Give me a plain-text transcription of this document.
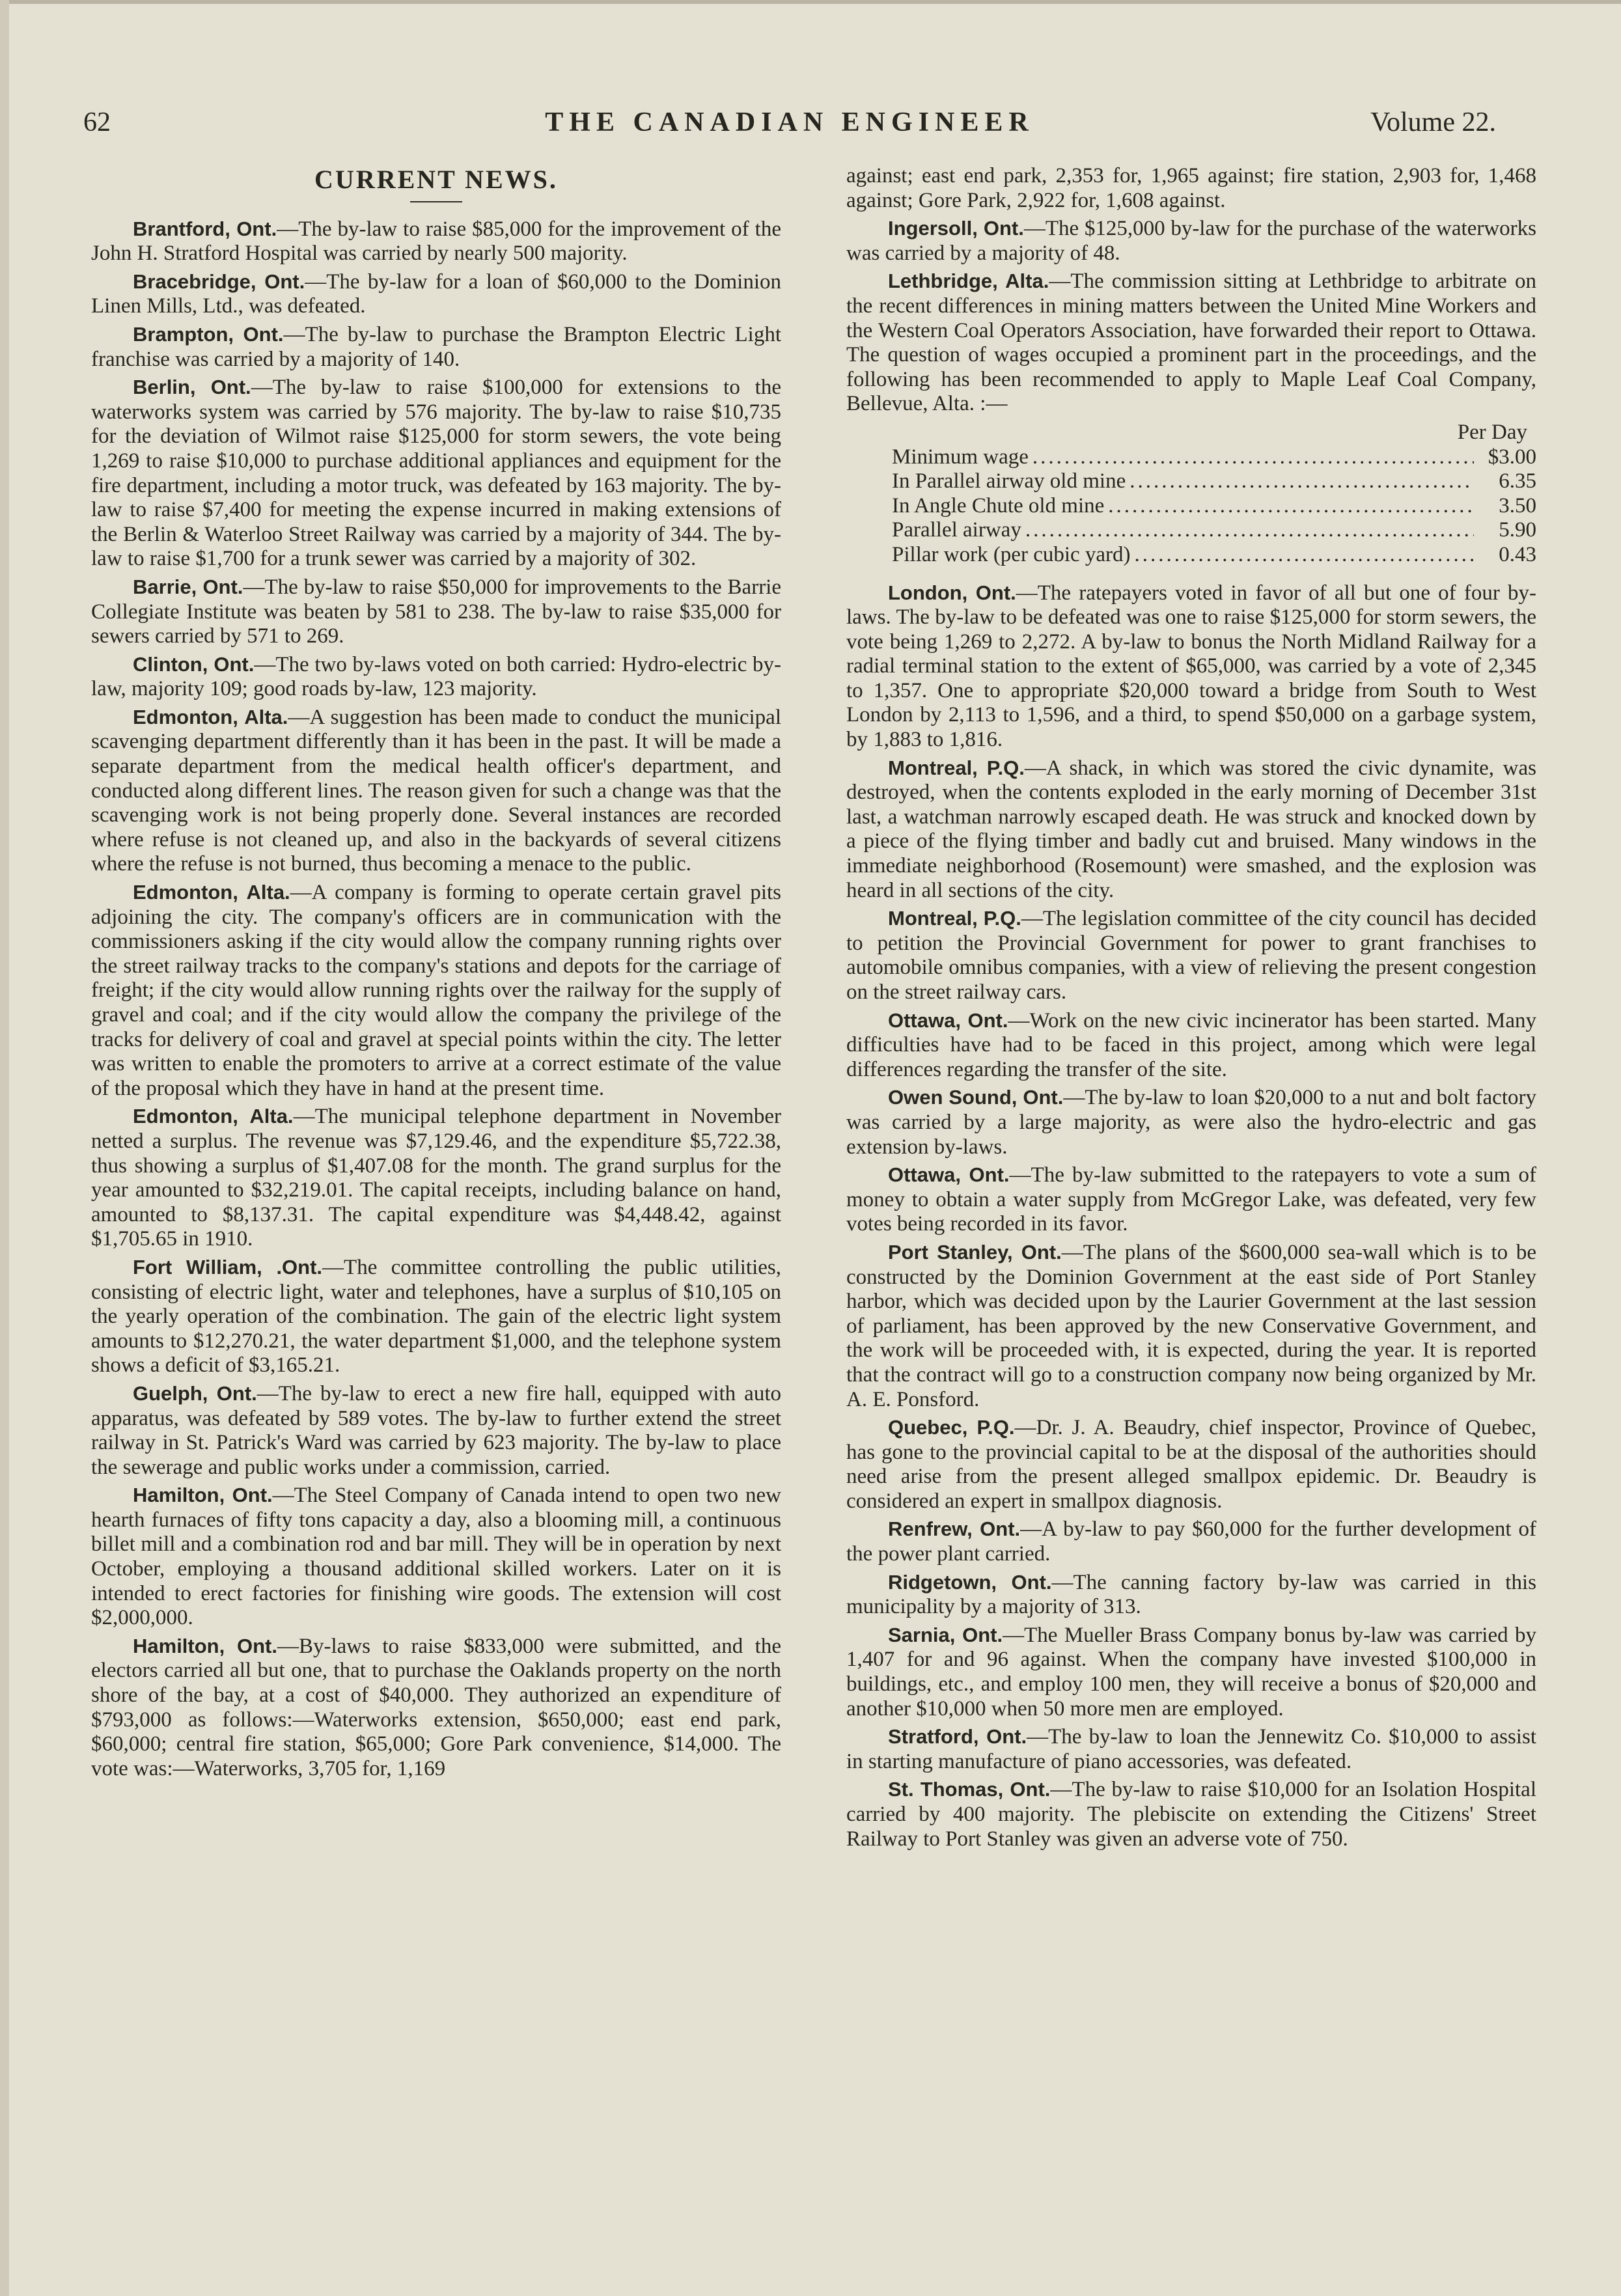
62	THE CANADIAN ENGINEER	Volume 22.
CURRENT NEWS.

Brantford, Ont.—The by-law to raise $85,000 for the improvement of the John H. Stratford Hospital was carried by nearly 500 majority.

Bracebridge, Ont.—The by-law for a loan of $60,000 to the Dominion Linen Mills, Ltd., was defeated.

Brampton, Ont.—The by-law to purchase the Brampton Electric Light franchise was carried by a majority of 140.

Berlin, Ont.—The by-law to raise $100,000 for extensions to the waterworks system was carried by 576 majority. The by-law to raise $10,735 for the deviation of Wilmot raise $125,000 for storm sewers, the vote being 1,269 to raise $10,000 to purchase additional appliances and equipment for the fire department, including a motor truck, was defeated by 163 majority. The by-law to raise $7,400 for meeting the expense incurred in making extensions of the Berlin & Waterloo Street Railway was carried by a majority of 344. The by-law to raise $1,700 for a trunk sewer was carried by a majority of 302.

Barrie, Ont.—The by-law to raise $50,000 for improvements to the Barrie Collegiate Institute was beaten by 581 to 238. The by-law to raise $35,000 for sewers carried by 571 to 269.

Clinton, Ont.—The two by-laws voted on both carried: Hydro-electric by-law, majority 109; good roads by-law, 123 majority.

Edmonton, Alta.—A suggestion has been made to conduct the municipal scavenging department differently than it has been in the past. It will be made a separate department from the medical health officer's department, and conducted along different lines. The reason given for such a change was that the scavenging work is not being properly done. Several instances are recorded where refuse is not cleaned up, and also in the backyards of several citizens where the refuse is not burned, thus becoming a menace to the public.

Edmonton, Alta.—A company is forming to operate certain gravel pits adjoining the city. The company's officers are in communication with the commissioners asking if the city would allow the company running rights over the street railway tracks to the company's stations and depots for the carriage of freight; if the city would allow running rights over the railway for the supply of gravel and coal; and if the city would allow the company the privilege of the tracks for delivery of coal and gravel at special points within the city. The letter was written to enable the promoters to arrive at a correct estimate of the value of the proposal which they have in hand at the present time.

Edmonton, Alta.—The municipal telephone department in November netted a surplus. The revenue was $7,129.46, and the expenditure $5,722.38, thus showing a surplus of $1,407.08 for the month. The grand surplus for the year amounted to $32,219.01. The capital receipts, including balance on hand, amounted to $8,137.31. The capital expenditure was $4,448.42, against $1,705.65 in 1910.

Fort William, .Ont.—The committee controlling the public utilities, consisting of electric light, water and telephones, have a surplus of $10,105 on the yearly operation of the combination. The gain of the electric light system amounts to $12,270.21, the water department $1,000, and the telephone system shows a deficit of $3,165.21.

Guelph, Ont.—The by-law to erect a new fire hall, equipped with auto apparatus, was defeated by 589 votes. The by-law to further extend the street railway in St. Patrick's Ward was carried by 623 majority. The by-law to place the sewerage and public works under a commission, carried.

Hamilton, Ont.—The Steel Company of Canada intend to open two new hearth furnaces of fifty tons capacity a day, also a blooming mill, a continuous billet mill and a combination rod and bar mill. They will be in operation by next October, employing a thousand additional skilled workers. Later on it is intended to erect factories for finishing wire goods. The extension will cost $2,000,000.

Hamilton, Ont.—By-laws to raise $833,000 were submitted, and the electors carried all but one, that to purchase the Oaklands property on the north shore of the bay, at a cost of $40,000. They authorized an expenditure of $793,000 as follows:—Waterworks extension, $650,000; east end park, $60,000; central fire station, $65,000; Gore Park convenience, $14,000. The vote was:—Waterworks, 3,705 for, 1,169

against; east end park, 2,353 for, 1,965 against; fire station, 2,903 for, 1,468 against; Gore Park, 2,922 for, 1,608 against.

Ingersoll, Ont.—The $125,000 by-law for the purchase of the waterworks was carried by a majority of 48.

Lethbridge, Alta.—The commission sitting at Lethbridge to arbitrate on the recent differences in mining matters between the United Mine Workers and the Western Coal Operators Association, have forwarded their report to Ottawa. The question of wages occupied a prominent part in the proceedings, and the following has been recommended to apply to Maple Leaf Coal Company, Bellevue, Alta. :—

Per Day
Minimum wage .....	$3.00
In Parallel airway old mine .....	6.35
In Angle Chute old mine .....	3.50
Parallel airway .....	5.90
Pillar work (per cubic yard) .....	0.43

London, Ont.—The ratepayers voted in favor of all but one of four by-laws. The by-law to be defeated was one to raise $125,000 for storm sewers, the vote being 1,269 to 2,272. A by-law to bonus the North Midland Railway for a radial terminal station to the extent of $65,000, was carried by a vote of 2,345 to 1,357. One to appropriate $20,000 toward a bridge from South to West London by 2,113 to 1,596, and a third, to spend $50,000 on a garbage system, by 1,883 to 1,816.

Montreal, P.Q.—A shack, in which was stored the civic dynamite, was destroyed, when the contents exploded in the early morning of December 31st last, a watchman narrowly escaped death. He was struck and knocked down by a piece of the flying timber and badly cut and bruised. Many windows in the immediate neighborhood (Rosemount) were smashed, and the explosion was heard in all sections of the city.

Montreal, P.Q.—The legislation committee of the city council has decided to petition the Provincial Government for power to grant franchises to automobile omnibus companies, with a view of relieving the present congestion on the street railway cars.

Ottawa, Ont.—Work on the new civic incinerator has been started. Many difficulties have had to be faced in this project, among which were legal differences regarding the transfer of the site.

Owen Sound, Ont.—The by-law to loan $20,000 to a nut and bolt factory was carried by a large majority, as were also the hydro-electric and gas extension by-laws.

Ottawa, Ont.—The by-law submitted to the ratepayers to vote a sum of money to obtain a water supply from McGregor Lake, was defeated, very few votes being recorded in its favor.

Port Stanley, Ont.—The plans of the $600,000 sea-wall which is to be constructed by the Dominion Government at the east side of Port Stanley harbor, which was decided upon by the Laurier Government at the last session of parliament, has been approved by the new Conservative Government, and the work will be proceeded with, it is expected, during the year. It is reported that the contract will go to a construction company now being organized by Mr. A. E. Ponsford.

Quebec, P.Q.—Dr. J. A. Beaudry, chief inspector, Province of Quebec, has gone to the provincial capital to be at the disposal of the authorities should need arise from the present alleged smallpox epidemic. Dr. Beaudry is considered an expert in smallpox diagnosis.

Renfrew, Ont.—A by-law to pay $60,000 for the further development of the power plant carried.

Ridgetown, Ont.—The canning factory by-law was carried in this municipality by a majority of 313.

Sarnia, Ont.—The Mueller Brass Company bonus by-law was carried by 1,407 for and 96 against. When the company have invested $100,000 in buildings, etc., and employ 100 men, they will receive a bonus of $20,000 and another $10,000 when 50 more men are employed.

Stratford, Ont.—The by-law to loan the Jennewitz Co. $10,000 to assist in starting manufacture of piano accessories, was defeated.

St. Thomas, Ont.—The by-law to raise $10,000 for an Isolation Hospital carried by 400 majority. The plebiscite on extending the Citizens' Street Railway to Port Stanley was given an adverse vote of 750.
